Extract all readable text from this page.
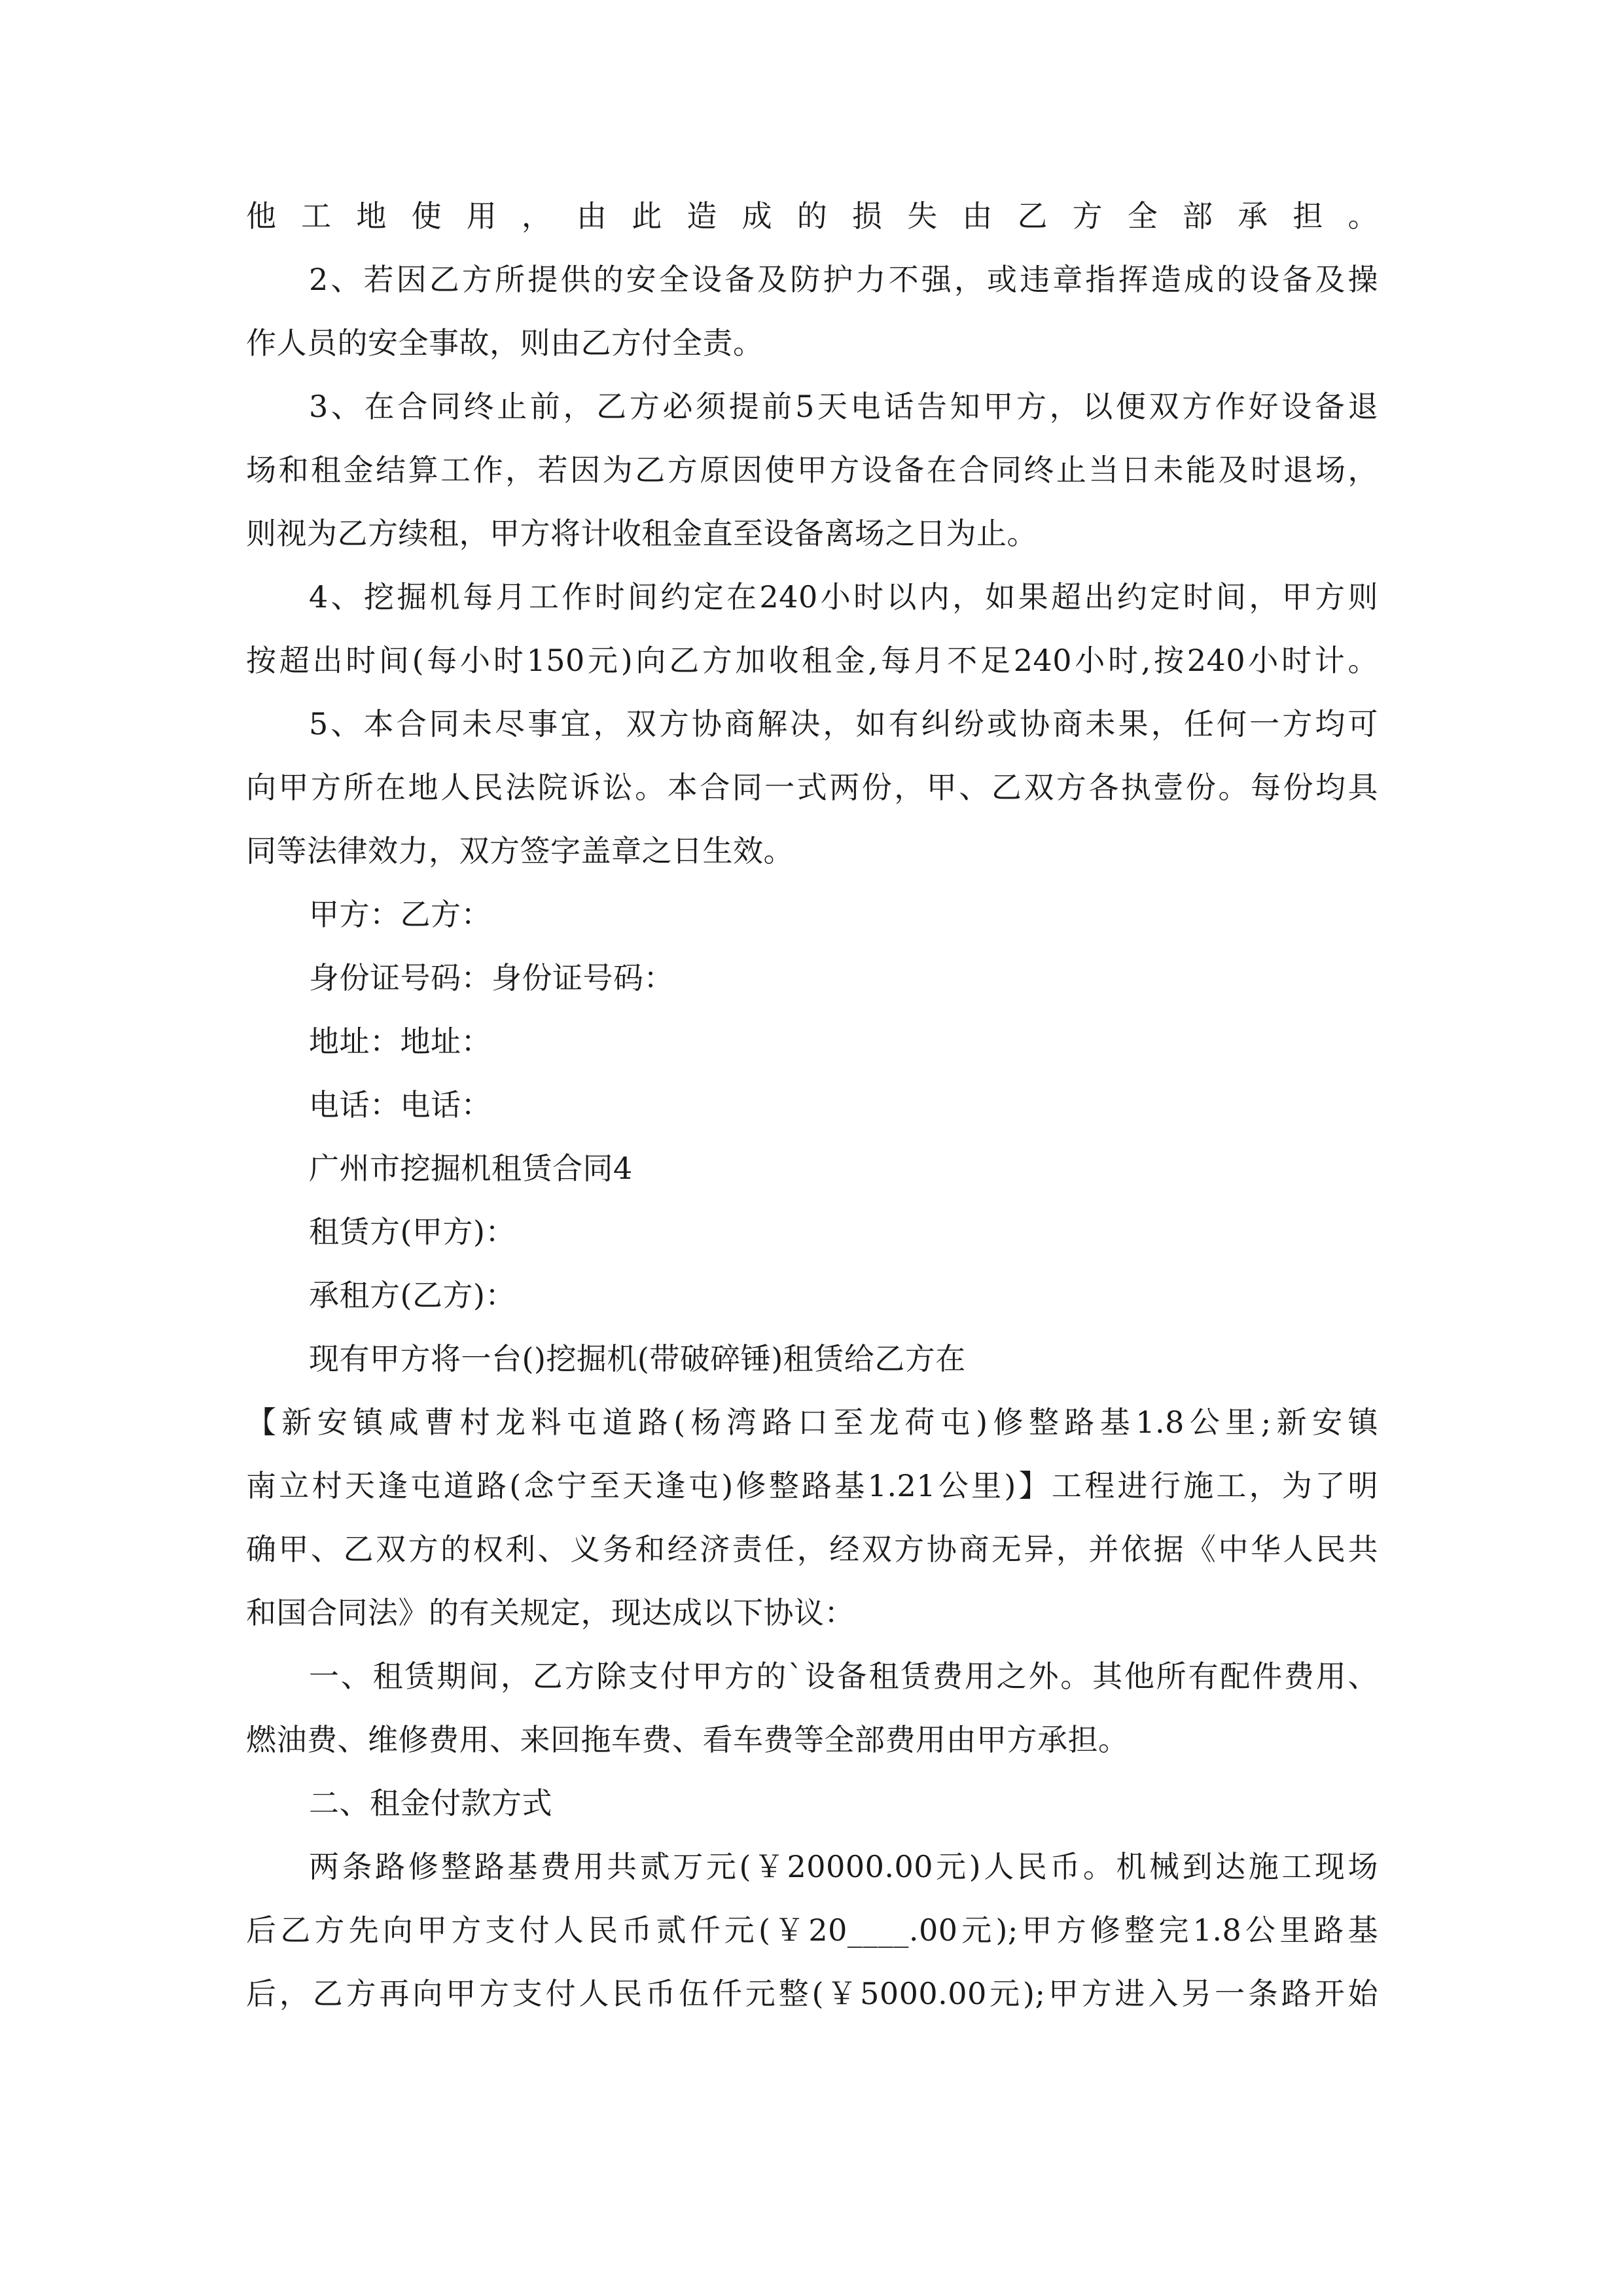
他工地使用，由此造成的损失由乙方全部承担。
2、若因乙方所提供的安全设备及防护力不强，或违章指挥造成的设备及操
作人员的安全事故，则由乙方付全责。
3、在合同终止前，乙方必须提前5天电话告知甲方，以便双方作好设备退
场和租金结算工作，若因为乙方原因使甲方设备在合同终止当日未能及时退场，
则视为乙方续租，甲方将计收租金直至设备离场之日为止。
4、挖掘机每月工作时间约定在240小时以内，如果超出约定时间，甲方则
按超出时间(每小时150元)向乙方加收租金,每月不足240小时,按240小时计。
5、本合同未尽事宜，双方协商解决，如有纠纷或协商未果，任何一方均可
向甲方所在地人民法院诉讼。本合同一式两份，甲、乙双方各执壹份。每份均具
同等法律效力，双方签字盖章之日生效。
甲方：乙方：
身份证号码：身份证号码：
地址：地址：
电话：电话：
广州市挖掘机租赁合同4
租赁方(甲方)：
承租方(乙方)：
现有甲方将一台()挖掘机(带破碎锤)租赁给乙方在
【新安镇咸曹村龙料屯道路(杨湾路口至龙荷屯)修整路基1.8公里;新安镇
南立村天逢屯道路(念宁至天逢屯)修整路基1.21公里)】工程进行施工，为了明
确甲、乙双方的权利、义务和经济责任，经双方协商无异，并依据《中华人民共
和国合同法》的有关规定，现达成以下协议：
一、租赁期间，乙方除支付甲方的`设备租赁费用之外。其他所有配件费用、
燃油费、维修费用、来回拖车费、看车费等全部费用由甲方承担。
二、租金付款方式
两条路修整路基费用共贰万元(￥20000.00元)人民币。机械到达施工现场
后乙方先向甲方支付人民币贰仟元(￥20____.00元);甲方修整完1.8公里路基
后，乙方再向甲方支付人民币伍仟元整(￥5000.00元);甲方进入另一条路开始
